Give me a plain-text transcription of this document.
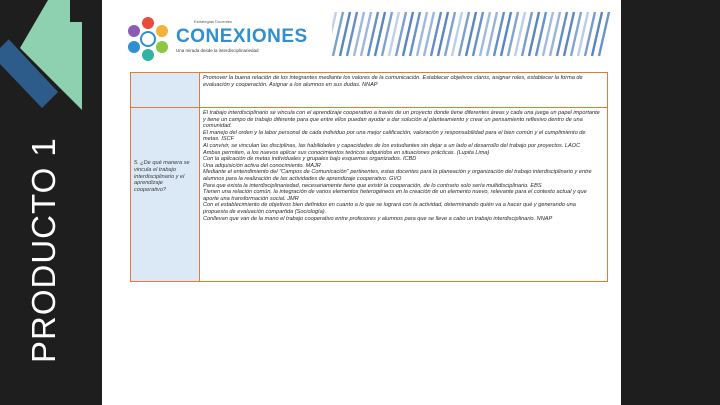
PRODUCTO 1
Estrategias Docentes
CONEXIONES
Una mirada desde la interdisciplinariedad
Promover la buena relación de los integrantes mediante los valores de la comunicación. Establecer objetivos claros, asignar roles, establecer la forma de evaluación y cooperación. Asignar a los alumnos en sus dudas. NNAP
5. ¿De qué manera se vincula el trabajo interdisciplinario y el aprendizaje cooperativo?

El trabajo interdisciplinario se vincula con el aprendizaje cooperativo a través de un proyecto donde tiene diferentes áreas y cada una juega un papel importante y tiene un campo de trabajo diferente para que entre ellos puedan ayudar a dar solución al planteamiento y crear un pensamiento reflexivo dentro de una comunidad.

El manejo del orden y la labor personal de cada individuo por una mejor calificación, valoración y responsabilidad para el bien común y el cumplimiento de metas. ISCF

Al convivir, se vinculan las disciplinas, las habilidades y capacidades de los estudiantes sin dejar a un lado el desarrollo del trabajo por proyectos. LAOC

Ambas permiten, a los nuevos aplicar sus conocimientos teóricos adquiridos en situaciones prácticas. (Lupita Lima)

Con la aplicación de metas individuales y grupales bajo esquemas organizados. ICBD

Una adquisición activa del conocimiento. MAJR

Mediante el entendimiento del "Campos de Comunicación" pertinentes, estas docentes para la planeación y organización del trabajo interdisciplinario y entre alumnos para la realización de las actividades de aprendizaje cooperativo. GVO

Para que exista la interdisciplinariedad, necesariamente tiene que existir la cooperación, de lo contrario solo sería multidisciplinario. EBS

Tienen una relación común, la integración de varios elementos heterogéneos en la creación de un elemento nuevo, relevante para el contexto actual y que aporte una transformación social. JMR

Con el establecimiento de objetivos bien definidos en cuanto a lo que se logrará con la actividad, determinando quién va a hacer qué y generando una propuesta de evaluación compartida (Sociología).

Conllevan que van de la mano el trabajo cooperativo entre profesores y alumnos para que se lleve a cabo un trabajo interdisciplinario. NNAP
